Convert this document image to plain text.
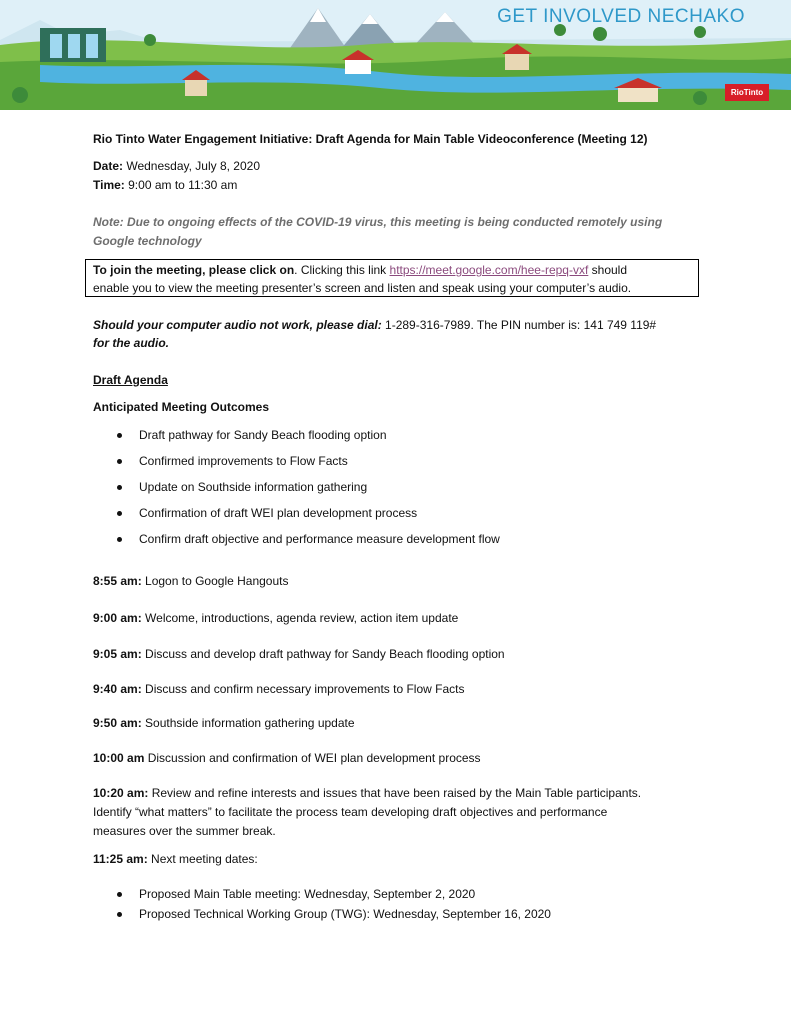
GET INVOLVED NECHAKO
RioTinto
Rio Tinto Water Engagement Initiative: Draft Agenda for Main Table Videoconference (Meeting 12)
Date: Wednesday, July 8, 2020
Time: 9:00 am to 11:30 am
Note: Due to ongoing effects of the COVID-19 virus, this meeting is being conducted remotely using
Google technology
To join the meeting, please click on. Clicking this link https://meet.google.com/hee-repq-vxf should
enable you to view the meeting presenter’s screen and listen and speak using your computer’s audio.
Should your computer audio not work, please dial: 1-289-316-7989. The PIN number is: 141 749 119#
for the audio.
Draft Agenda
Anticipated Meeting Outcomes
Draft pathway for Sandy Beach flooding option
Confirmed improvements to Flow Facts
Update on Southside information gathering
Confirmation of draft WEI plan development process
Confirm draft objective and performance measure development flow
8:55 am: Logon to Google Hangouts
9:00 am: Welcome, introductions, agenda review, action item update
9:05 am: Discuss and develop draft pathway for Sandy Beach flooding option
9:40 am: Discuss and confirm necessary improvements to Flow Facts
9:50 am: Southside information gathering update
10:00 am Discussion and confirmation of WEI plan development process
10:20 am: Review and refine interests and issues that have been raised by the Main Table participants.
Identify “what matters” to facilitate the process team developing draft objectives and performance
measures over the summer break.
11:25 am: Next meeting dates:
Proposed Main Table meeting: Wednesday, September 2, 2020
Proposed Technical Working Group (TWG): Wednesday, September 16, 2020
